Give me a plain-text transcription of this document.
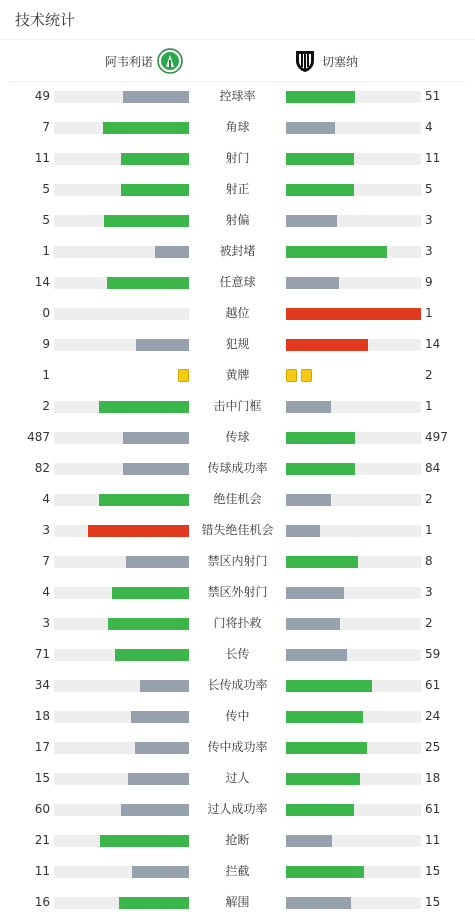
技术统计
阿韦利诺	切塞纳
49	控球率	51
7	角球	4
11	射门	11
5	射正	5
5	射偏	3
1	被封堵	3
14	任意球	9
0	越位	1
9	犯规	14
1	黄牌	2
2	击中门框	1
487	传球	497
82	传球成功率	84
4	绝佳机会	2
3	错失绝佳机会	1
7	禁区内射门	8
4	禁区外射门	3
3	门将扑救	2
71	长传	59
34	长传成功率	61
18	传中	24
17	传中成功率	25
15	过人	18
60	过人成功率	61
21	抢断	11
11	拦截	15
16	解围	15
